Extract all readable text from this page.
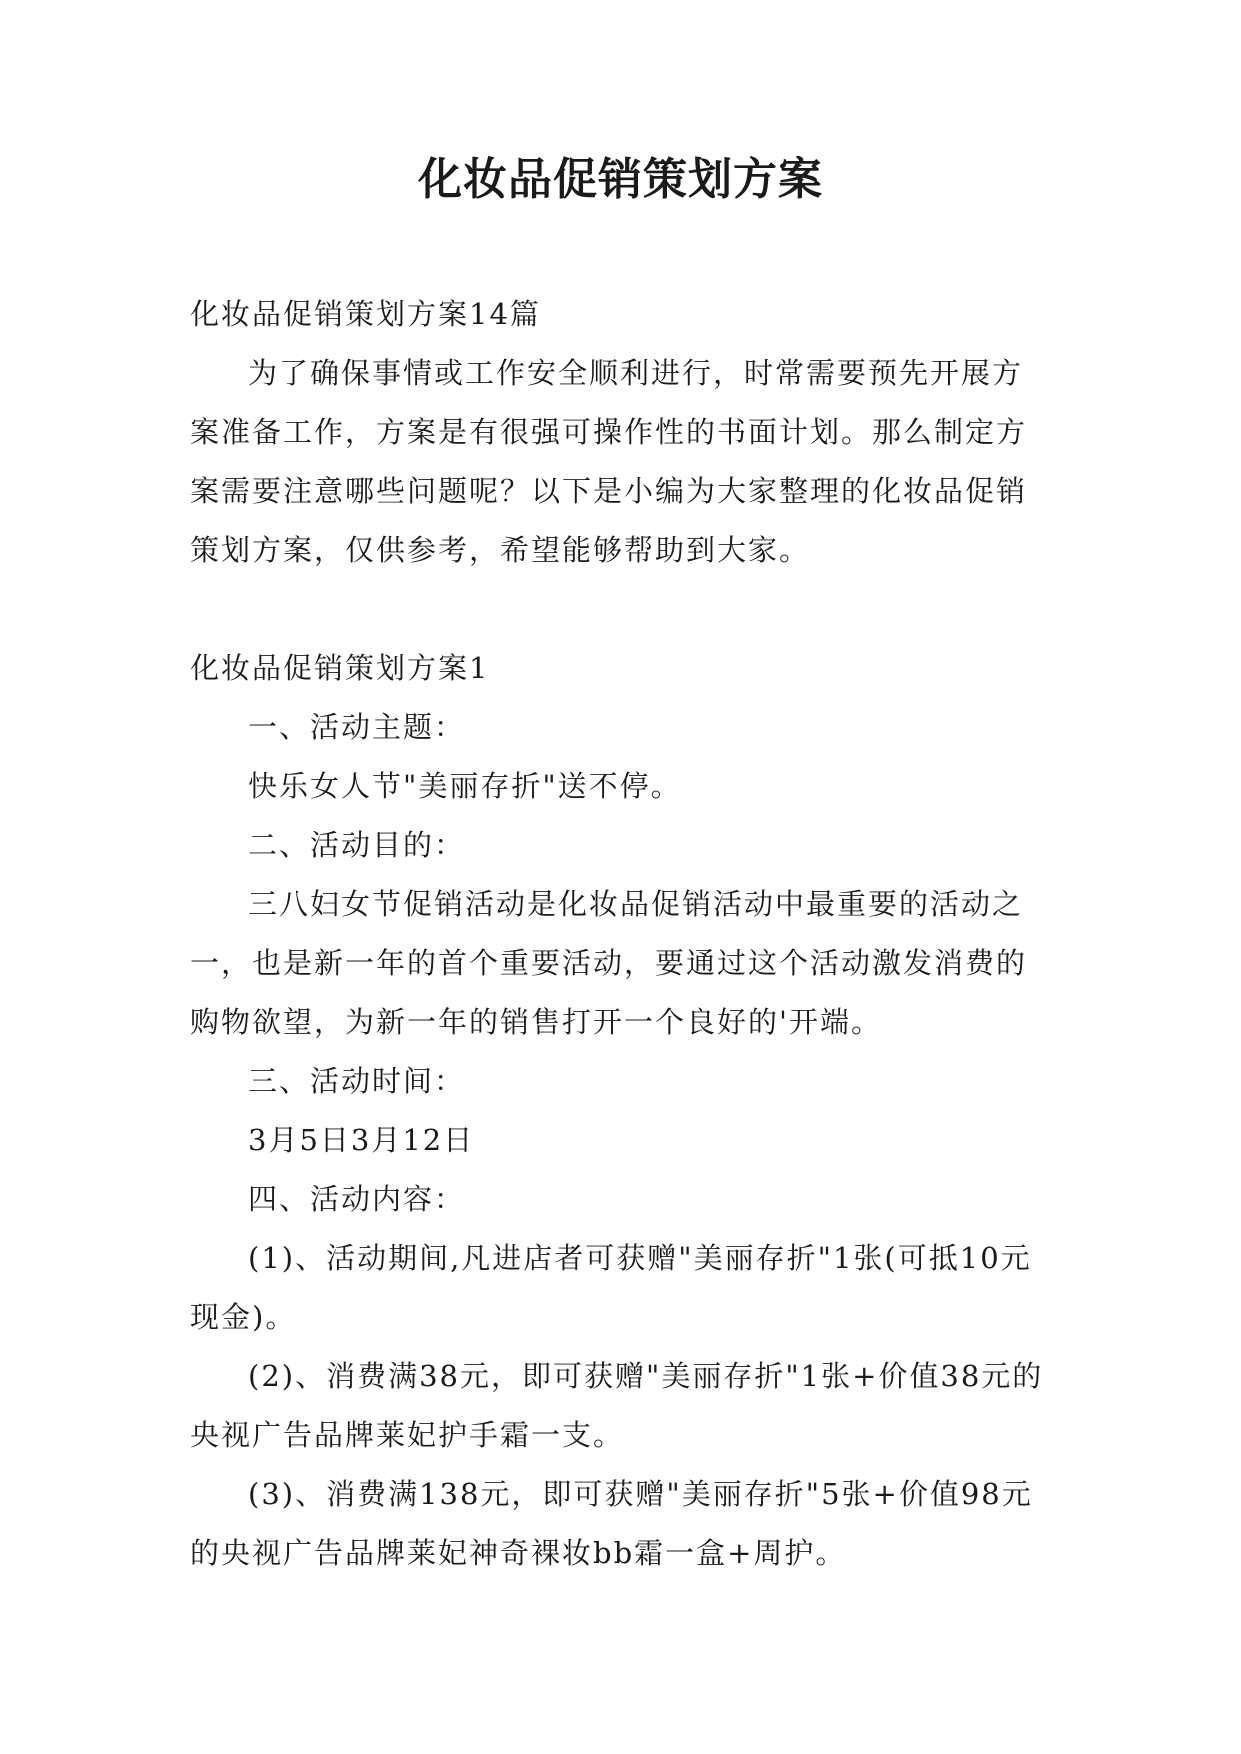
化妆品促销策划方案

化妆品促销策划方案14篇

为了确保事情或工作安全顺利进行，时常需要预先开展方案准备工作，方案是有很强可操作性的书面计划。那么制定方案需要注意哪些问题呢？以下是小编为大家整理的化妆品促销策划方案，仅供参考，希望能够帮助到大家。

化妆品促销策划方案1

一、活动主题：

快乐女人节"美丽存折"送不停。

二、活动目的：

三八妇女节促销活动是化妆品促销活动中最重要的活动之一，也是新一年的首个重要活动，要通过这个活动激发消费的购物欲望，为新一年的销售打开一个良好的'开端。

三、活动时间：

3月5日3月12日

四、活动内容：

(1)、活动期间,凡进店者可获赠"美丽存折"1张(可抵10元现金)。

(2)、消费满38元，即可获赠"美丽存折"1张+价值38元的央视广告品牌莱妃护手霜一支。

(3)、消费满138元，即可获赠"美丽存折"5张+价值98元的央视广告品牌莱妃神奇裸妆bb霜一盒+周护。
